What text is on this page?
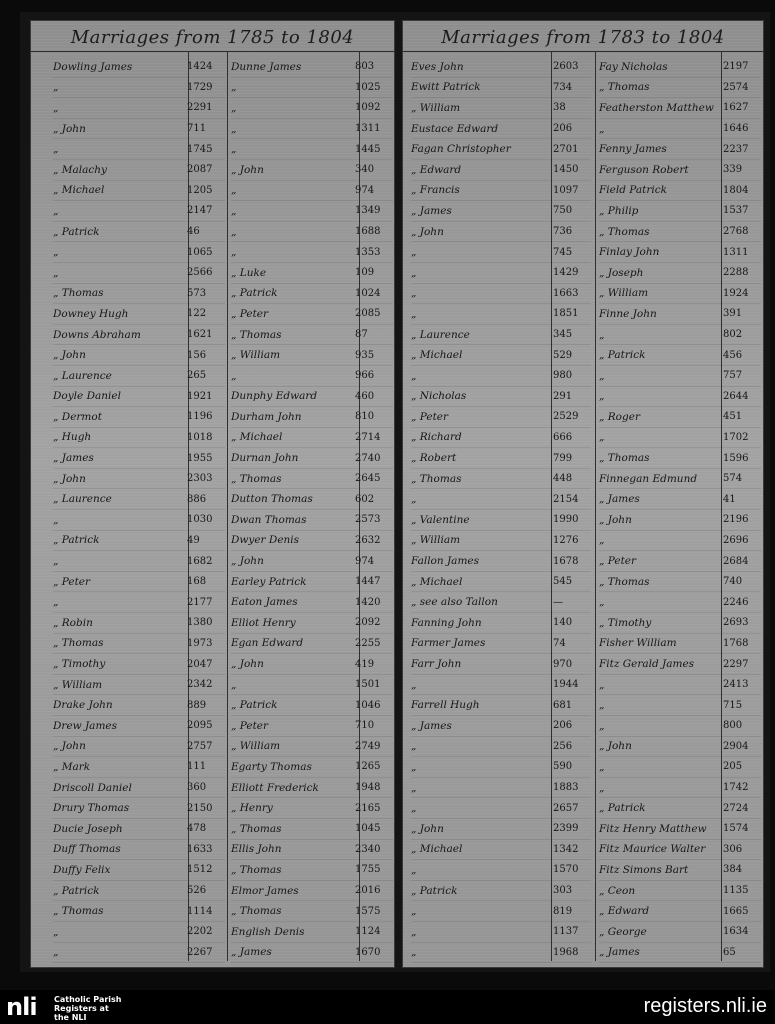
Marriages from 1785 to 1804
Dowling James	1424
„	1729
„	2291
„ John	711
„	1745
„ Malachy	2087
„ Michael	1205
„	2147
„ Patrick	46
„	1065
„	2566
„ Thomas	573
Downey Hugh	122
Downs Abraham	1621
„ John	156
„ Laurence	265
Doyle Daniel	1921
„ Dermot	1196
„ Hugh	1018
„ James	1955
„ John	2303
„ Laurence	886
„	1030
„ Patrick	49
„	1682
„ Peter	168
„	2177
„ Robin	1380
„ Thomas	1973
„ Timothy	2047
„ William	2342
Drake John	889
Drew James	2095
„ John	2757
„ Mark	111
Driscoll Daniel	360
Drury Thomas	2150
Ducie Joseph	478
Duff Thomas	1633
Duffy Felix	1512
„ Patrick	526
„ Thomas	1114
„	2202
„	2267
Dunne James	803
„	1025
„	1092
„	1311
„	1445
„ John	340
„	974
„	1349
„	1688
„	1353
„ Luke	109
„ Patrick	1024
„ Peter	2085
„ Thomas	87
„ William	935
„	966
Dunphy Edward	460
Durham John	810
„ Michael	2714
Durnan John	2740
„ Thomas	2645
Dutton Thomas	602
Dwan Thomas	2573
Dwyer Denis	2632
„ John	974
Earley Patrick	1447
Eaton James	1420
Elliot Henry	2092
Egan Edward	2255
„ John	419
„	1501
„ Patrick	1046
„ Peter	710
„ William	2749
Egarty Thomas	1265
Elliott Frederick	1948
„ Henry	2165
„ Thomas	1045
Ellis John	2340
„ Thomas	1755
Elmor James	2016
„ Thomas	1575
English Denis	1124
„ James	1670
Marriages from 1783 to 1804
Eves John	2603
Ewitt Patrick	734
„ William	38
Eustace Edward	206
Fagan Christopher	2701
„ Edward	1450
„ Francis	1097
„ James	750
„ John	736
„	745
„	1429
„	1663
„	1851
„ Laurence	345
„ Michael	529
„	980
„ Nicholas	291
„ Peter	2529
„ Richard	666
„ Robert	799
„ Thomas	448
„	2154
„ Valentine	1990
„ William	1276
Fallon James	1678
„ Michael	545
„ see also Tallon	—
Fanning John	140
Farmer James	74
Farr John	970
„	1944
Farrell Hugh	681
„ James	206
„	256
„	590
„	1883
„	2657
„ John	2399
„ Michael	1342
„	1570
„ Patrick	303
„	819
„	1137
„	1968
Fay Nicholas	2197
„ Thomas	2574
Featherston Matthew 1627
„	1646
Fenny James	2237
Ferguson Robert	339
Field Patrick	1804
„ Philip	1537
„ Thomas	2768
Finlay John	1311
„ Joseph	2288
„ William	1924
Finne John	391
„	802
„ Patrick	456
„	757
„	2644
„ Roger	451
„	1702
„ Thomas	1596
Finnegan Edmund	574
„ James	41
„ John	2196
„	2696
„ Peter	2684
„ Thomas	740
„	2246
„ Timothy	2693
Fisher William	1768
Fitz Gerald James	2297
„	2413
„	715
„	800
„ John	2904
„	205
„	1742
„ Patrick	2724
Fitz Henry Matthew	1574
Fitz Maurice Walter	306
Fitz Simons Bart	384
„ Ceon	1135
„ Edward	1665
„ George	1634
„ James	65
nli Catholic Parish
Registers at
the NLI
registers.nli.ie
